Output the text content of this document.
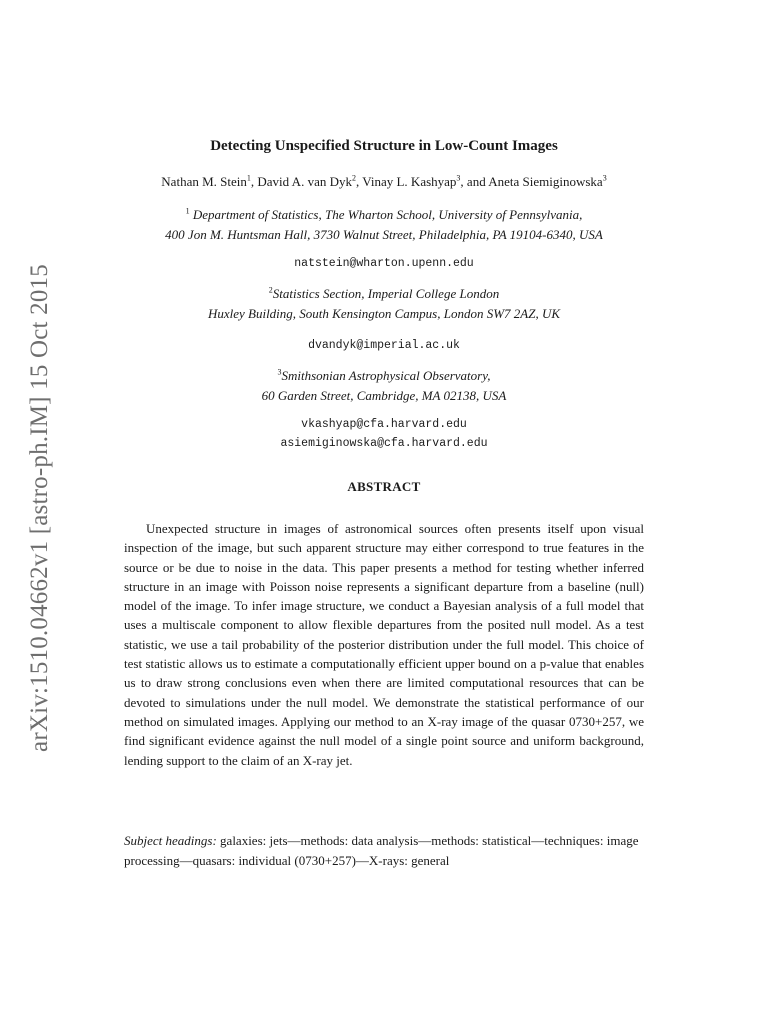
arXiv:1510.04662v1 [astro-ph.IM] 15 Oct 2015
Detecting Unspecified Structure in Low-Count Images
Nathan M. Stein$^1$, David A. van Dyk$^2$, Vinay L. Kashyap$^3$, and Aneta Siemiginowska$^3$
$^1$ Department of Statistics, The Wharton School, University of Pennsylvania,
400 Jon M. Huntsman Hall, 3730 Walnut Street, Philadelphia, PA 19104-6340, USA
natstein@wharton.upenn.edu
$^2$Statistics Section, Imperial College London
Huxley Building, South Kensington Campus, London SW7 2AZ, UK
dvandyk@imperial.ac.uk
$^3$Smithsonian Astrophysical Observatory,
60 Garden Street, Cambridge, MA 02138, USA
vkashyap@cfa.harvard.edu
asiemiginowska@cfa.harvard.edu
ABSTRACT

Unexpected structure in images of astronomical sources often presents itself upon visual inspection of the image, but such apparent structure may either correspond to true features in the source or be due to noise in the data. This paper presents a method for testing whether inferred structure in an image with Poisson noise represents a significant departure from a baseline (null) model of the image. To infer image structure, we conduct a Bayesian analysis of a full model that uses a multiscale component to allow flexible departures from the posited null model. As a test statistic, we use a tail probability of the posterior distribution under the full model. This choice of test statistic allows us to estimate a computationally efficient upper bound on a p-value that enables us to draw strong conclusions even when there are limited computational resources that can be devoted to simulations under the null model. We demonstrate the statistical performance of our method on simulated images. Applying our method to an X-ray image of the quasar 0730+257, we find significant evidence against the null model of a single point source and uniform background, lending support to the claim of an X-ray jet.

Subject headings: galaxies: jets—methods: data analysis—methods: statistical—techniques: image processing—quasars: individual (0730+257)—X-rays: general
